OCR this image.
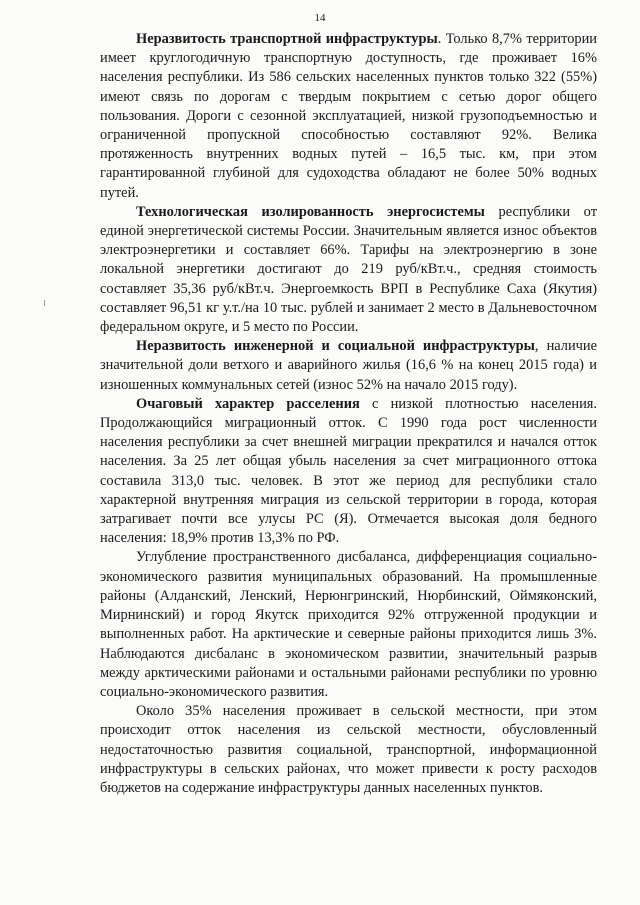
14

Неразвитость транспортной инфраструктуры. Только 8,7% территории имеет круглогодичную транспортную доступность, где проживает 16% населения республики. Из 586 сельских населенных пунктов только 322 (55%) имеют связь по дорогам с твердым покрытием с сетью дорог общего пользования. Дороги с сезонной эксплуатацией, низкой грузоподъемностью и ограниченной пропускной способностью составляют 92%. Велика протяженность внутренних водных путей – 16,5 тыс. км, при этом гарантированной глубиной для судоходства обладают не более 50% водных путей.

Технологическая изолированность энергосистемы республики от единой энергетической системы России. Значительным является износ объектов электроэнергетики и составляет 66%. Тарифы на электроэнергию в зоне локальной энергетики достигают до 219 руб/кВт.ч., средняя стоимость составляет 35,36 руб/кВт.ч. Энергоемкость ВРП в Республике Саха (Якутия) составляет 96,51 кг у.т./на 10 тыс. рублей и занимает 2 место в Дальневосточном федеральном округе, и 5 место по России.

Неразвитость инженерной и социальной инфраструктуры, наличие значительной доли ветхого и аварийного жилья (16,6 % на конец 2015 года) и изношенных коммунальных сетей (износ 52% на начало 2015 году).

Очаговый характер расселения с низкой плотностью населения. Продолжающийся миграционный отток. С 1990 года рост численности населения республики за счет внешней миграции прекратился и начался отток населения. За 25 лет общая убыль населения за счет миграционного оттока составила 313,0 тыс. человек. В этот же период для республики стало характерной внутренняя миграция из сельской территории в города, которая затрагивает почти все улусы РС (Я). Отмечается высокая доля бедного населения: 18,9% против 13,3% по РФ.

Углубление пространственного дисбаланса, дифференциация социально-экономического развития муниципальных образований. На промышленные районы (Алданский, Ленский, Нерюнгринский, Нюрбинский, Оймяконский, Мирнинский) и город Якутск приходится 92% отгруженной продукции и выполненных работ. На арктические и северные районы приходится лишь 3%. Наблюдаются дисбаланс в экономическом развитии, значительный разрыв между арктическими районами и остальными районами республики по уровню социально-экономического развития.

Около 35% населения проживает в сельской местности, при этом происходит отток населения из сельской местности, обусловленный недостаточностью развития социальной, транспортной, информационной инфраструктуры в сельских районах, что может привести к росту расходов бюджетов на содержание инфраструктуры данных населенных пунктов.
